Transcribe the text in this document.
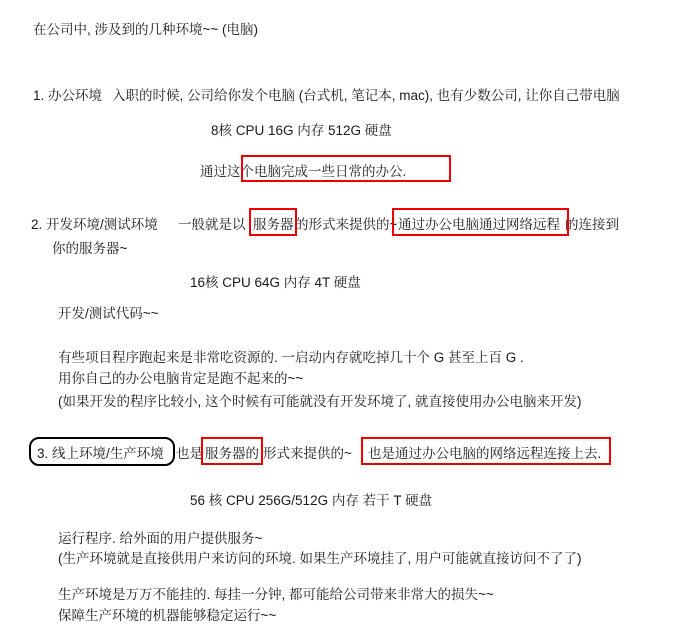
在公司中, 涉及到的几种环境~~ (电脑)
1. 办公环境 入职的时候, 公司给你发个电脑 (台式机, 笔记本, mac), 也有少数公司, 让你自己带电脑
8核 CPU 16G 内存 512G 硬盘
通过这个电脑完成一些日常的办公.
2. 开发环境/测试环境 一般就是以 服务器 的形式来提供的~ 通过办公电脑通过网络远程 的连接到
你的服务器~
16核 CPU 64G 内存 4T 硬盘
开发/测试代码~~
有些项目程序跑起来是非常吃资源的. 一启动内存就吃掉几十个 G 甚至上百 G .
用你自己的办公电脑肯定是跑不起来的~~
(如果开发的程序比较小, 这个时候有可能就没有开发环境了, 就直接使用办公电脑来开发)
3. 线上环境/生产环境 也是 服务器的 形式来提供的~ 也是通过办公电脑的网络远程连接上去.
56 核 CPU 256G/512G 内存 若干 T 硬盘
运行程序. 给外面的用户提供服务~
(生产环境就是直接供用户来访问的环境. 如果生产环境挂了, 用户可能就直接访问不了了)
生产环境是万万不能挂的. 每挂一分钟, 都可能给公司带来非常大的损失~~
保障生产环境的机器能够稳定运行~~
